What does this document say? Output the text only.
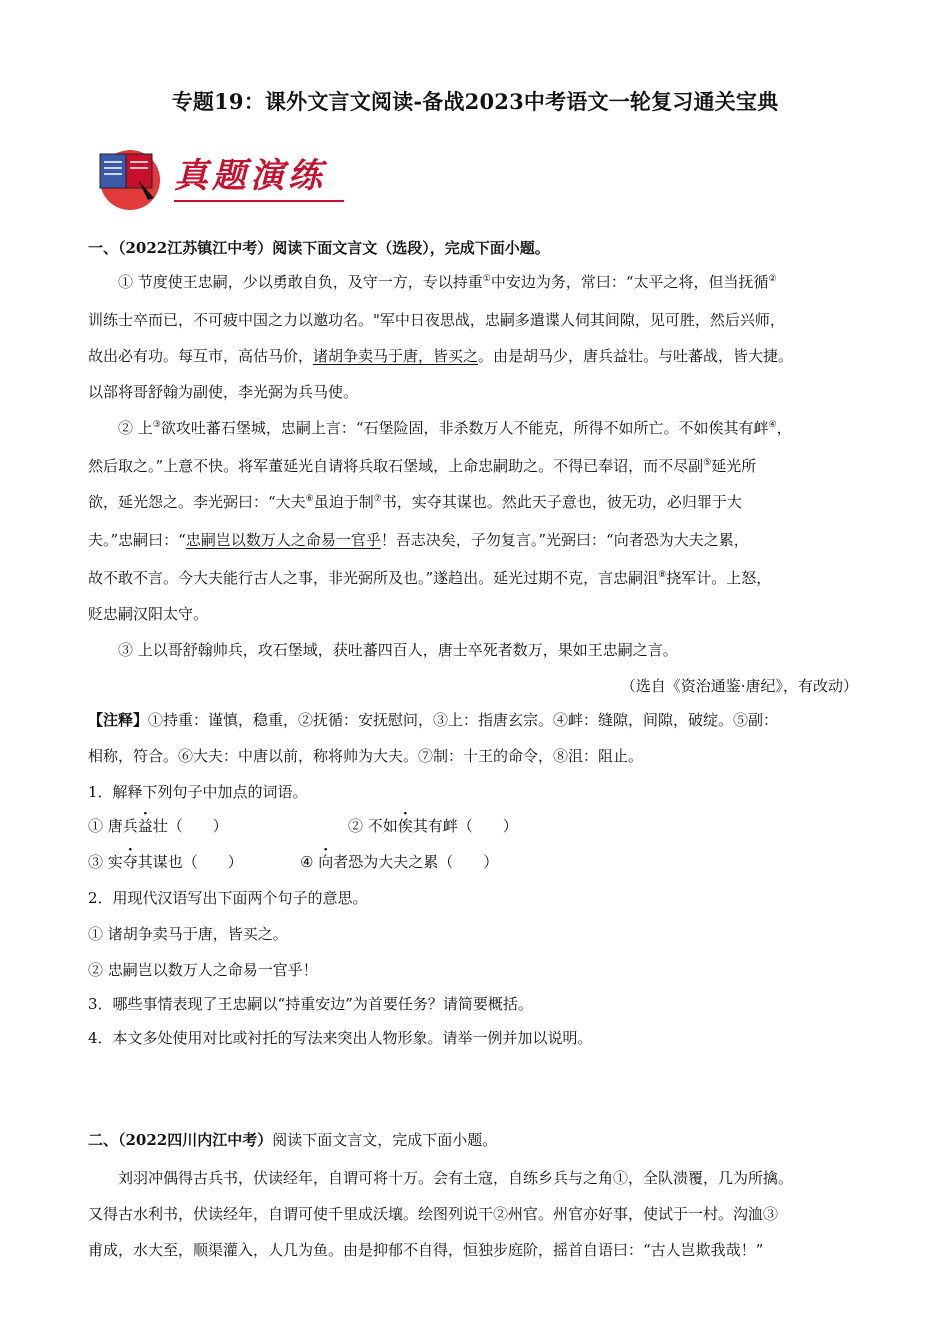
专题19：课外文言文阅读-备战2023中考语文一轮复习通关宝典
真题演练
一、（2022江苏镇江中考）阅读下面文言文（选段），完成下面小题。
① 节度使王忠嗣，少以勇敢自负，及守一方，专以持重①中安边为务，常曰：“太平之将，但当抚循②
训练士卒而已，不可疲中国之力以邀功名。"军中日夜思战，忠嗣多遣谍人伺其间隙，见可胜，然后兴师，
故出必有功。每互市，高估马价，诸胡争卖马于唐，皆买之。由是胡马少，唐兵益壮。与吐蕃战，皆大捷。
以部将哥舒翰为副使，李光弼为兵马使。
② 上③欲攻吐蕃石堡城，忠嗣上言：“石堡险固，非杀数万人不能克，所得不如所亡。不如俟其有衅④，
然后取之。”上意不快。将军董延光自请将兵取石堡域，上命忠嗣助之。不得已奉诏，而不尽副⑤延光所
欲，延光怨之。李光弼曰：“大夫⑥虽迫于制⑦书，实夺其谋也。然此天子意也，彼无功，必归罪于大
夫。”忠嗣曰：“忠嗣岂以数万人之命易一官乎！吾志决矣，子勿复言。”光弼曰：“向者恐为大夫之累，
故不敢不言。今大夫能行古人之事，非光弼所及也。”遂趋出。延光过期不克，言忠嗣沮⑧挠军计。上怒，
贬忠嗣汉阳太守。
③ 上以哥舒翰帅兵，攻石堡域，获吐蕃四百人，唐士卒死者数万，果如王忠嗣之言。
（选自《资治通鉴·唐纪》，有改动）
【注释】①持重：谨慎，稳重，②抚循：安抚慰问，③上：指唐玄宗。④衅：缝隙，间隙，破绽。⑤副：
相称，符合。⑥大夫：中唐以前，称将帅为大夫。⑦制：十王的命令，⑧沮：阻止。
1．解释下列句子中加点的词语。
① 唐兵益壮（　　）	② 不如俟其有衅（　　）
③ 实夺其谋也（　　）	④ 向者恐为大夫之累（　　）
2．用现代汉语写出下面两个句子的意思。
① 诸胡争卖马于唐，皆买之。
② 忠嗣岂以数万人之命易一官乎！
3．哪些事情表现了王忠嗣以“持重安边”为首要任务？请简要概括。
4．本文多处使用对比或衬托的写法来突出人物形象。请举一例并加以说明。
二、（2022四川内江中考）阅读下面文言文，完成下面小题。
刘羽冲偶得古兵书，伏读经年，自谓可将十万。会有土寇，自练乡兵与之角①，全队溃覆，几为所擒。
又得古水利书，伏读经年，自谓可使千里成沃壤。绘图列说干②州官。州官亦好事，使试于一村。沟洫③
甫成，水大至，顺渠灌入，人几为鱼。由是抑郁不自得，恒独步庭阶，摇首自语曰：“古人岂欺我哉！”
